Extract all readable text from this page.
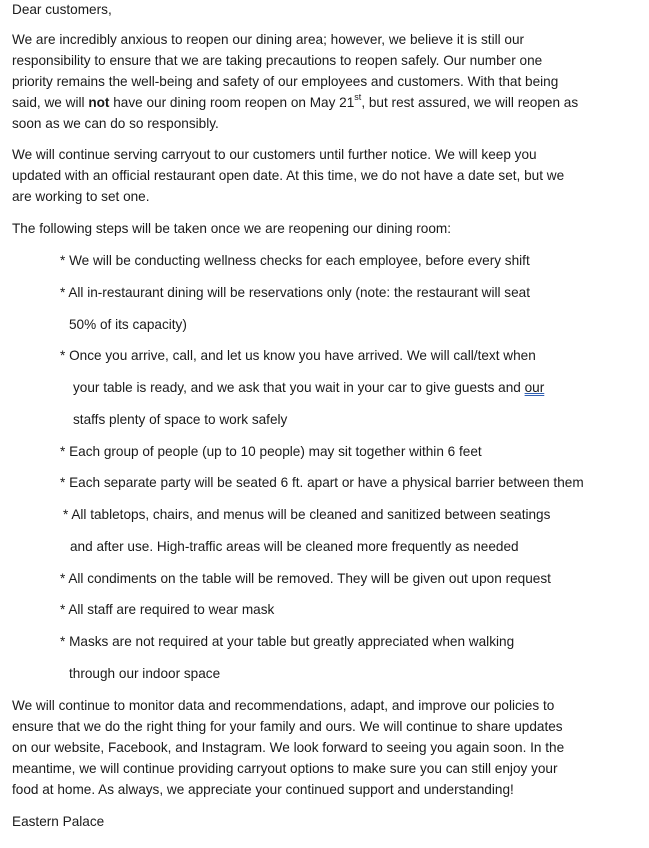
Dear customers,
We are incredibly anxious to reopen our dining area; however, we believe it is still our
responsibility to ensure that we are taking precautions to reopen safely. Our number one
priority remains the well-being and safety of our employees and customers. With that being
said, we will not have our dining room reopen on May 21st, but rest assured, we will reopen as
soon as we can do so responsibly.
We will continue serving carryout to our customers until further notice. We will keep you
updated with an official restaurant open date. At this time, we do not have a date set, but we
are working to set one.
The following steps will be taken once we are reopening our dining room:
* We will be conducting wellness checks for each employee, before every shift
* All in-restaurant dining will be reservations only (note: the restaurant will seat
50% of its capacity)
* Once you arrive, call, and let us know you have arrived. We will call/text when
your table is ready, and we ask that you wait in your car to give guests and our
staffs plenty of space to work safely
* Each group of people (up to 10 people) may sit together within 6 feet
* Each separate party will be seated 6 ft. apart or have a physical barrier between them
* All tabletops, chairs, and menus will be cleaned and sanitized between seatings
and after use. High-traffic areas will be cleaned more frequently as needed
* All condiments on the table will be removed. They will be given out upon request
* All staff are required to wear mask
* Masks are not required at your table but greatly appreciated when walking
through our indoor space
We will continue to monitor data and recommendations, adapt, and improve our policies to
ensure that we do the right thing for your family and ours. We will continue to share updates
on our website, Facebook, and Instagram. We look forward to seeing you again soon. In the
meantime, we will continue providing carryout options to make sure you can still enjoy your
food at home. As always, we appreciate your continued support and understanding!
Eastern Palace
